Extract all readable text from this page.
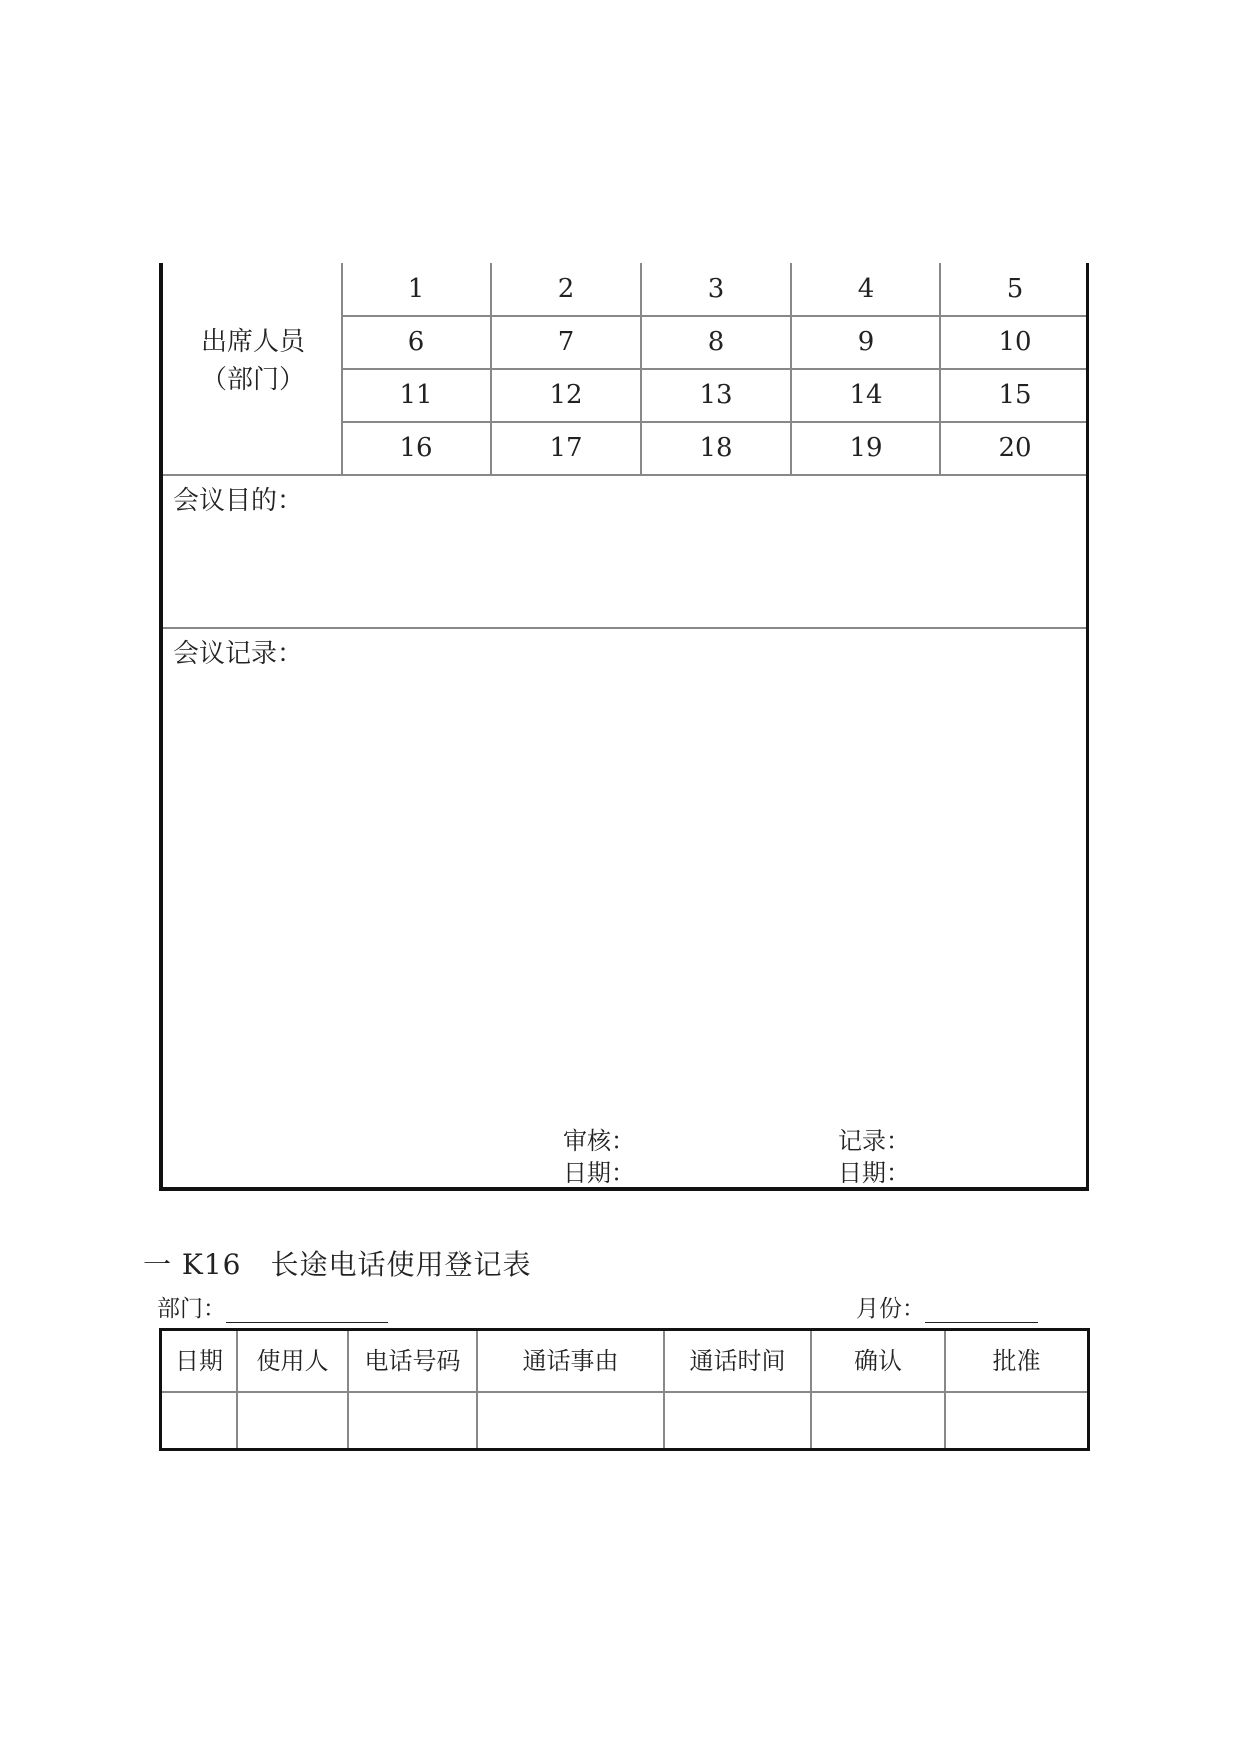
出席人员
（部门）
1	2	3	4	5
6	7	8	9	10
11	12	13	14	15
16	17	18	19	20
会议目的：
会议记录：
审核：
日期：
记录：
日期：
一 K16　长途电话使用登记表
部门：	月份：
日期	使用人	电话号码	通话事由	通话时间	确认	批准
